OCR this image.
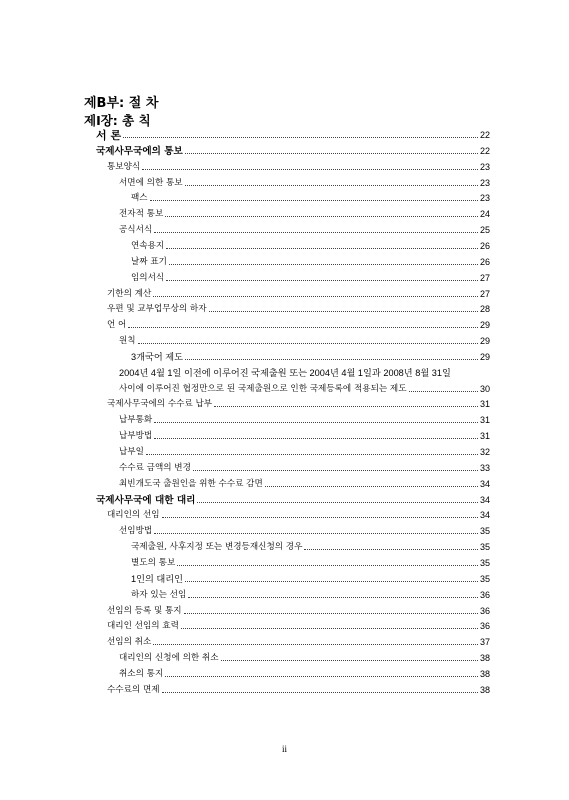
제B부: 절 차
제I장: 총 칙
서 론	22
국제사무국에의 통보	22
통보양식	23
서면에 의한 통보	23
팩스	23
전자적 통보	24
공식서식	25
연속용지	26
날짜 표기	26
임의서식	27
기한의 계산	27
우편 및 교부업무상의 하자	28
언 어	29
원칙	29
3개국어 제도	29
2004년 4월 1일 이전에 이루어진 국제출원 또는 2004년 4월 1일과 2008년 8월 31일
사이에 이루어진 협정만으로 된 국제출원으로 인한 국제등록에 적용되는 제도	30
국제사무국에의 수수료 납부	31
납부통화	31
납부방법	31
납부일	32
수수료 금액의 변경	33
최빈개도국 출원인을 위한 수수료 감면	34
국제사무국에 대한 대리	34
대리인의 선임	34
선임방법	35
국제출원, 사후지정 또는 변경등재신청의 경우	35
별도의 통보	35
1인의 대리인	35
하자 있는 선임	36
선임의 등록 및 통지	36
대리인 선임의 효력	36
선임의 취소	37
대리인의 신청에 의한 취소	38
취소의 통지	38
수수료의 면제	38
ii
